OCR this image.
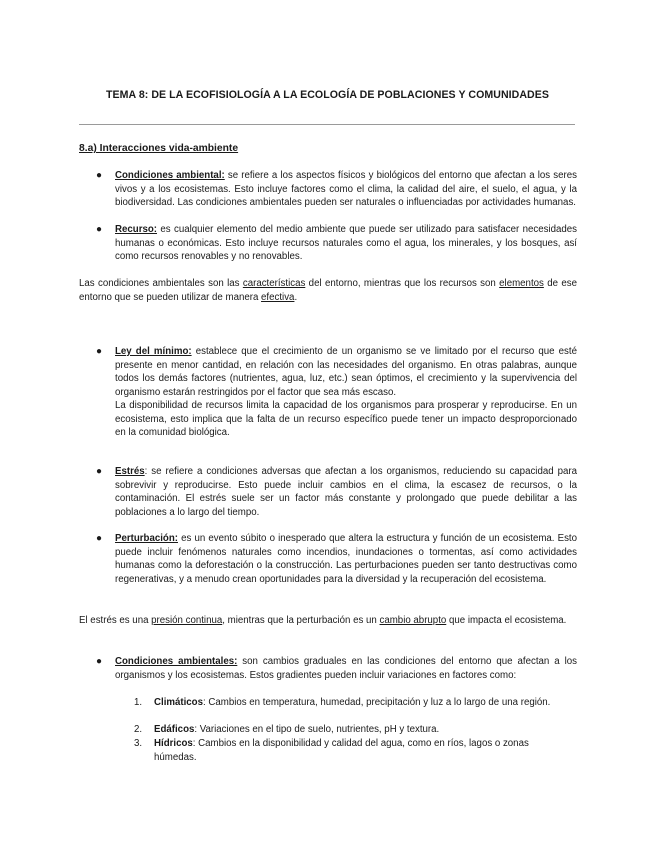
TEMA 8: DE LA ECOFISIOLOGÍA A LA ECOLOGÍA DE POBLACIONES Y COMUNIDADES
8.a) Interacciones vida-ambiente
● Condiciones ambiental: se refiere a los aspectos físicos y biológicos del entorno que afectan a los seres vivos y a los ecosistemas. Esto incluye factores como el clima, la calidad del aire, el suelo, el agua, y la biodiversidad. Las condiciones ambientales pueden ser naturales o influenciadas por actividades humanas.
● Recurso: es cualquier elemento del medio ambiente que puede ser utilizado para satisfacer necesidades humanas o económicas. Esto incluye recursos naturales como el agua, los minerales, y los bosques, así como recursos renovables y no renovables.
Las condiciones ambientales son las características del entorno, mientras que los recursos son elementos de ese entorno que se pueden utilizar de manera efectiva.
● Ley del mínimo: establece que el crecimiento de un organismo se ve limitado por el recurso que esté presente en menor cantidad, en relación con las necesidades del organismo. En otras palabras, aunque todos los demás factores (nutrientes, agua, luz, etc.) sean óptimos, el crecimiento y la supervivencia del organismo estarán restringidos por el factor que sea más escaso.
La disponibilidad de recursos limita la capacidad de los organismos para prosperar y reproducirse. En un ecosistema, esto implica que la falta de un recurso específico puede tener un impacto desproporcionado en la comunidad biológica.
● Estrés: se refiere a condiciones adversas que afectan a los organismos, reduciendo su capacidad para sobrevivir y reproducirse. Esto puede incluir cambios en el clima, la escasez de recursos, o la contaminación. El estrés suele ser un factor más constante y prolongado que puede debilitar a las poblaciones a lo largo del tiempo.
● Perturbación: es un evento súbito o inesperado que altera la estructura y función de un ecosistema. Esto puede incluir fenómenos naturales como incendios, inundaciones o tormentas, así como actividades humanas como la deforestación o la construcción. Las perturbaciones pueden ser tanto destructivas como regenerativas, y a menudo crean oportunidades para la diversidad y la recuperación del ecosistema.
El estrés es una presión continua, mientras que la perturbación es un cambio abrupto que impacta el ecosistema.
● Condiciones ambientales: son cambios graduales en las condiciones del entorno que afectan a los organismos y los ecosistemas. Estos gradientes pueden incluir variaciones en factores como:
1. Climáticos: Cambios en temperatura, humedad, precipitación y luz a lo largo de una región.
2. Edáficos: Variaciones en el tipo de suelo, nutrientes, pH y textura.
3. Hídricos: Cambios en la disponibilidad y calidad del agua, como en ríos, lagos o zonas húmedas.
